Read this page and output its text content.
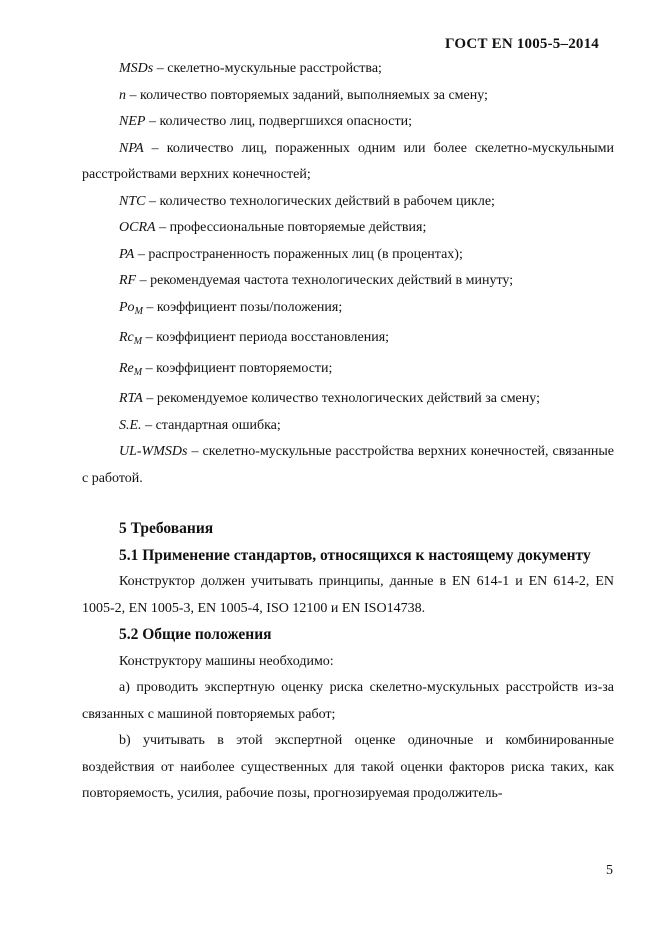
ГОСТ EN 1005-5–2014

MSDs – скелетно-мускульные расстройства;

n – количество повторяемых заданий, выполняемых за смену;

NEP – количество лиц, подвергшихся опасности;

NPA – количество лиц, пораженных одним или более скелетно-мускульными расстройствами верхних конечностей;

NTC – количество технологических действий в рабочем цикле;

OCRA – профессиональные повторяемые действия;

PA – распространенность пораженных лиц (в процентах);

RF – рекомендуемая частота технологических действий в минуту;

$Po_M$ – коэффициент позы/положения;

$Rc_M$ – коэффициент периода восстановления;

$Re_M$ – коэффициент повторяемости;

RTA – рекомендуемое количество технологических действий за смену;

S.E. – стандартная ошибка;

UL-WMSDs – скелетно-мускульные расстройства верхних конечностей, связанные с работой.

5 Требования

5.1 Применение стандартов, относящихся к настоящему документу

Конструктор должен учитывать принципы, данные в EN 614-1 и EN 614-2, EN 1005-2, EN 1005-3, EN 1005-4, ISO 12100 и EN ISO14738.

5.2 Общие положения

Конструктору машины необходимо:

а) проводить экспертную оценку риска скелетно-мускульных расстройств из-за связанных с машиной повторяемых работ;

b) учитывать в этой экспертной оценке одиночные и комбинированные воздействия от наиболее существенных для такой оценки факторов риска таких, как повторяемость, усилия, рабочие позы, прогнозируемая продолжитель-

5
